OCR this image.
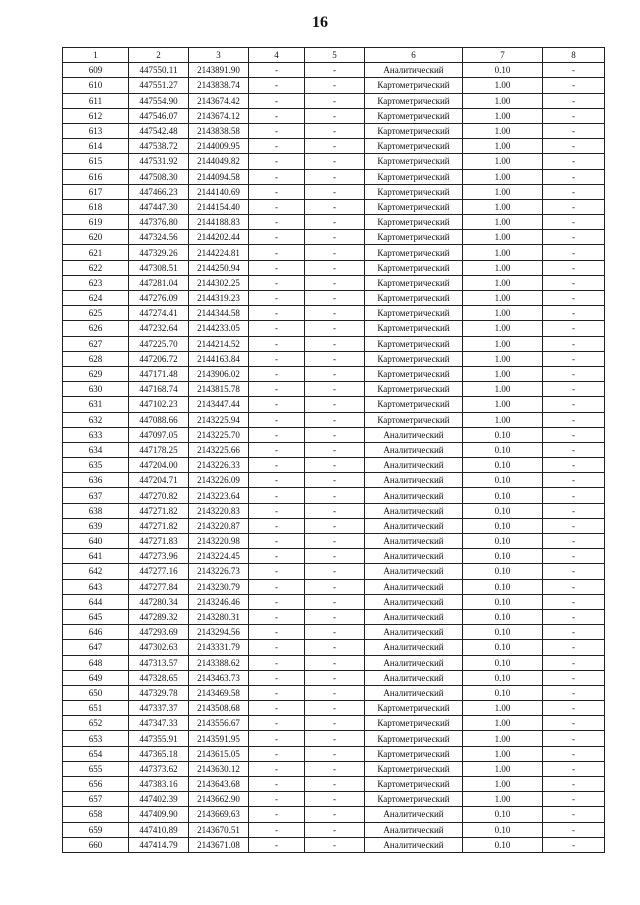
16
1	2	3	4	5	6	7	8
609	447550.11	2143891.90	-	-	Аналитический	0.10	-
610	447551.27	2143838.74	-	-	Картометрический	1.00	-
611	447554.90	2143674.42	-	-	Картометрический	1.00	-
612	447546.07	2143674.12	-	-	Картометрический	1.00	-
613	447542.48	2143838.58	-	-	Картометрический	1.00	-
614	447538.72	2144009.95	-	-	Картометрический	1.00	-
615	447531.92	2144049.82	-	-	Картометрический	1.00	-
616	447508.30	2144094.58	-	-	Картометрический	1.00	-
617	447466.23	2144140.69	-	-	Картометрический	1.00	-
618	447447.30	2144154.40	-	-	Картометрический	1.00	-
619	447376.80	2144188.83	-	-	Картометрический	1.00	-
620	447324.56	2144202.44	-	-	Картометрический	1.00	-
621	447329.26	2144224.81	-	-	Картометрический	1.00	-
622	447308.51	2144250.94	-	-	Картометрический	1.00	-
623	447281.04	2144302.25	-	-	Картометрический	1.00	-
624	447276.09	2144319.23	-	-	Картометрический	1.00	-
625	447274.41	2144344.58	-	-	Картометрический	1.00	-
626	447232.64	2144233.05	-	-	Картометрический	1.00	-
627	447225.70	2144214.52	-	-	Картометрический	1.00	-
628	447206.72	2144163.84	-	-	Картометрический	1.00	-
629	447171.48	2143906.02	-	-	Картометрический	1.00	-
630	447168.74	2143815.78	-	-	Картометрический	1.00	-
631	447102.23	2143447.44	-	-	Картометрический	1.00	-
632	447088.66	2143225.94	-	-	Картометрический	1.00	-
633	447097.05	2143225.70	-	-	Аналитический	0.10	-
634	447178.25	2143225.66	-	-	Аналитический	0.10	-
635	447204.00	2143226.33	-	-	Аналитический	0.10	-
636	447204.71	2143226.09	-	-	Аналитический	0.10	-
637	447270.82	2143223.64	-	-	Аналитический	0.10	-
638	447271.82	2143220.83	-	-	Аналитический	0.10	-
639	447271.82	2143220.87	-	-	Аналитический	0.10	-
640	447271.83	2143220.98	-	-	Аналитический	0.10	-
641	447273.96	2143224.45	-	-	Аналитический	0.10	-
642	447277.16	2143226.73	-	-	Аналитический	0.10	-
643	447277.84	2143230.79	-	-	Аналитический	0.10	-
644	447280.34	2143246.46	-	-	Аналитический	0.10	-
645	447289.32	2143280.31	-	-	Аналитический	0.10	-
646	447293.69	2143294.56	-	-	Аналитический	0.10	-
647	447302.63	2143331.79	-	-	Аналитический	0.10	-
648	447313.57	2143388.62	-	-	Аналитический	0.10	-
649	447328.65	2143463.73	-	-	Аналитический	0.10	-
650	447329.78	2143469.58	-	-	Аналитический	0.10	-
651	447337.37	2143508.68	-	-	Картометрический	1.00	-
652	447347.33	2143556.67	-	-	Картометрический	1.00	-
653	447355.91	2143591.95	-	-	Картометрический	1.00	-
654	447365.18	2143615.05	-	-	Картометрический	1.00	-
655	447373.62	2143630.12	-	-	Картометрический	1.00	-
656	447383.16	2143643.68	-	-	Картометрический	1.00	-
657	447402.39	2143662.90	-	-	Картометрический	1.00	-
658	447409.90	2143669.63	-	-	Аналитический	0.10	-
659	447410.89	2143670.51	-	-	Аналитический	0.10	-
660	447414.79	2143671.08	-	-	Аналитический	0.10	-
